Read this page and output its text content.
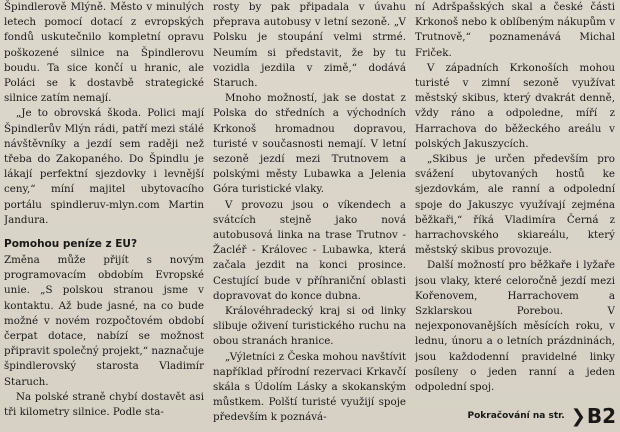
Špindlerově Mlýně. Město v minulých letech pomocí dotací z evropských fondů uskutečnilo kompletní opravu poškozené silnice na Špindlerovu boudu. Ta sice končí u hranic, ale Poláci se k dostavbě strategické silnice zatím nemají.

„Je to obrovská škoda. Polici mají Špindlerův Mlýn rádi, patří mezi stálé návštěvníky a jezdí sem raději než třeba do Zakopaného. Do Špindlu je lákají perfektní sjezdovky i levnější ceny,“ míní majitel ubytovacího portálu spindleruv-mlyn.com Martin Jandura.

Pomohou peníze z EU?

Změna může přijít s novým programovacím obdobím Evropské unie. „S polskou stranou jsme v kontaktu. Až bude jasné, na co bude možné v novém rozpočtovém období čerpat dotace, nabízí se možnost připravit společný projekt,“ naznačuje špindlerovský starosta Vladimír Staruch.

Na polské straně chybí dostavět asi tři kilometry silnice. Podle sta-

rosty by pak připadala v úvahu přeprava autobusy v letní sezoně. „V Polsku je stoupání velmi strmé. Neumím si představit, že by tu vozidla jezdila v zimě,“ dodává Staruch.

Mnoho možností, jak se dostat z Polska do středních a východních Krkonoš hromadnou dopravou, turisté v současnosti nemají. V letní sezoně jezdí mezi Trutnovem a polskými městy Lubawka a Jelenia Góra turistické vlaky.

V provozu jsou o víkendech a svátcích stejně jako nová autobusová linka na trase Trutnov - Žacléř - Královec - Lubawka, která začala jezdit na konci prosince. Cestující bude v příhraniční oblasti dopravovat do konce dubna.

Královéhradecký kraj si od linky slibuje oživení turistického ruchu na obou stranách hranice.

„Výletníci z Česka mohou navštívit například přírodní rezervaci Krkavčí skála s Údolím Lásky a skokanským můstkem. Polští turisté využijí spoje především k poznává-

ní Adršpašských skal a české části Krkonoš nebo k oblíbeným nákupům v Trutnově,“ poznamenává Michal Friček.

V západních Krkonoších mohou turisté v zimní sezoně využívat městský skibus, který dvakrát denně, vždy ráno a odpoledne, míří z Harrachova do běžeckého areálu v polských Jakuszycích.

„Skibus je určen především pro svážení ubytovaných hostů ke sjezdovkám, ale ranní a odpolední spoje do Jakuszyc využívají zejména běžkaři,“ říká Vladimíra Černá z harrachovského skiareálu, který městský skibus provozuje.

Další možností pro běžkaře i lyžaře jsou vlaky, které celoročně jezdí mezi Kořenovem, Harrachovem a Szklarskou Porebou. V nejexponovanějších měsících roku, v lednu, únoru a o letních prázdninách, jsou každodenní pravidelné linky posíleny o jeden ranní a jeden odpolední spoj.

Pokračování na str. ❯ B2
